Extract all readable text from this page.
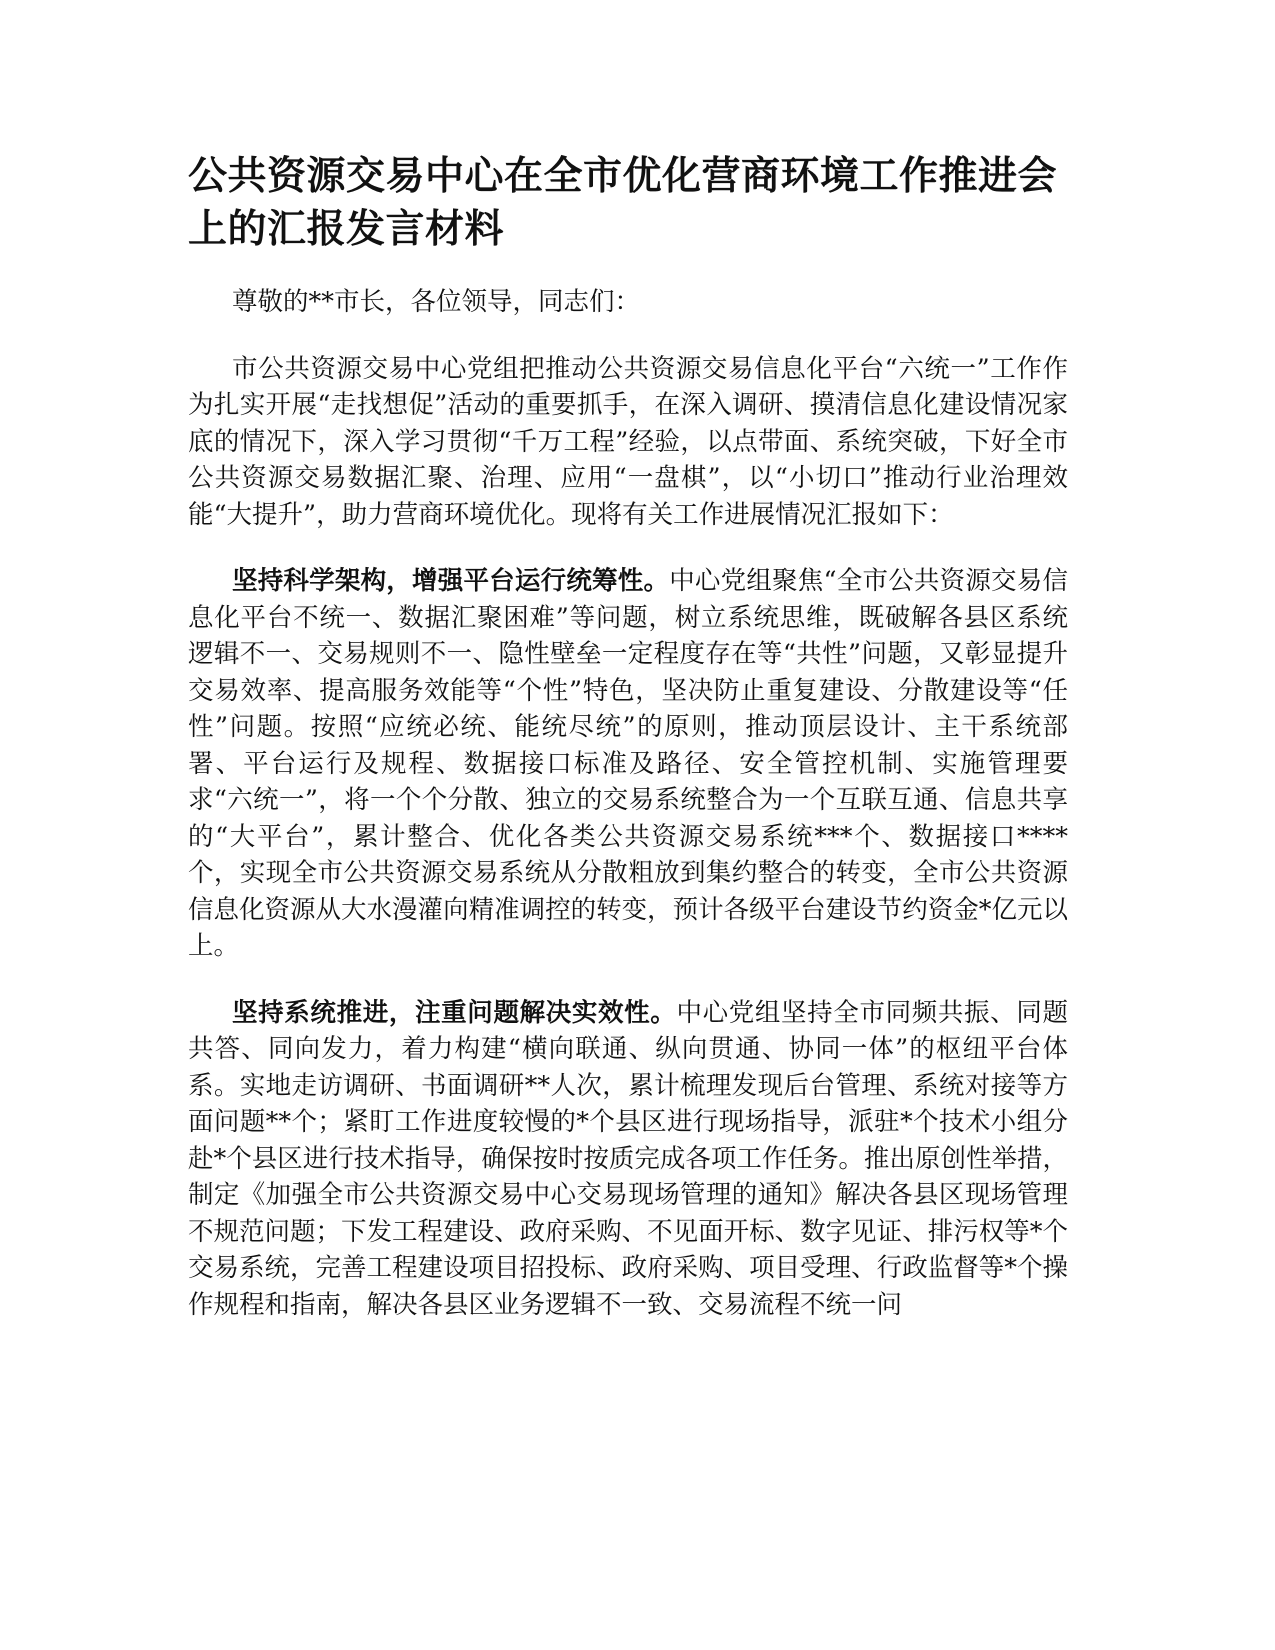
公共资源交易中心在全市优化营商环境工作推进会上的汇报发言材料

尊敬的**市长，各位领导，同志们：

市公共资源交易中心党组把推动公共资源交易信息化平台“六统一”工作作为扎实开展“走找想促”活动的重要抓手，在深入调研、摸清信息化建设情况家底的情况下，深入学习贯彻“千万工程”经验，以点带面、系统突破，下好全市公共资源交易数据汇聚、治理、应用“一盘棋”，以“小切口”推动行业治理效能“大提升”，助力营商环境优化。现将有关工作进展情况汇报如下：

坚持科学架构，增强平台运行统筹性。中心党组聚焦“全市公共资源交易信息化平台不统一、数据汇聚困难”等问题，树立系统思维，既破解各县区系统逻辑不一、交易规则不一、隐性壁垒一定程度存在等“共性”问题，又彰显提升交易效率、提高服务效能等“个性”特色，坚决防止重复建设、分散建设等“任性”问题。按照“应统必统、能统尽统”的原则，推动顶层设计、主干系统部署、平台运行及规程、数据接口标准及路径、安全管控机制、实施管理要求“六统一”，将一个个分散、独立的交易系统整合为一个互联互通、信息共享的“大平台”，累计整合、优化各类公共资源交易系统***个、数据接口****个，实现全市公共资源交易系统从分散粗放到集约整合的转变，全市公共资源信息化资源从大水漫灌向精准调控的转变，预计各级平台建设节约资金*亿元以上。

坚持系统推进，注重问题解决实效性。中心党组坚持全市同频共振、同题共答、同向发力，着力构建“横向联通、纵向贯通、协同一体”的枢纽平台体系。实地走访调研、书面调研**人次，累计梳理发现后台管理、系统对接等方面问题**个；紧盯工作进度较慢的*个县区进行现场指导，派驻*个技术小组分赴*个县区进行技术指导，确保按时按质完成各项工作任务。推出原创性举措，制定《加强全市公共资源交易中心交易现场管理的通知》解决各县区现场管理不规范问题；下发工程建设、政府采购、不见面开标、数字见证、排污权等*个交易系统，完善工程建设项目招投标、政府采购、项目受理、行政监督等*个操作规程和指南，解决各县区业务逻辑不一致、交易流程不统一问
